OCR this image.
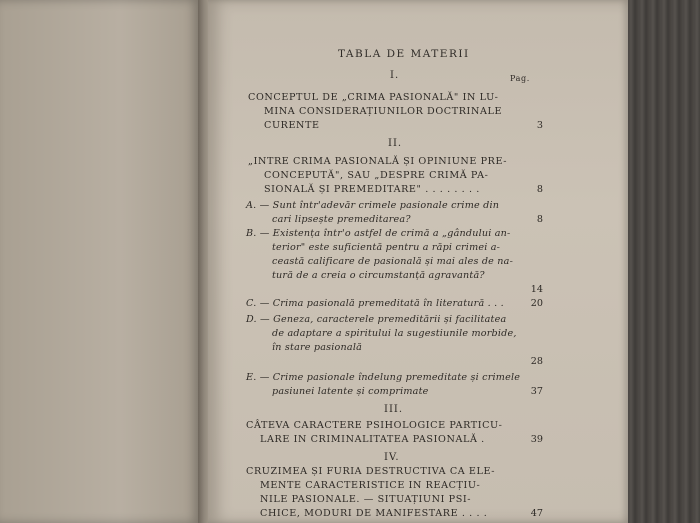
TABLA DE MATERII
I.	Pag.
CONCEPTUL DE „CRIMA PASIONALĂ" IN LU-
MINA CONSIDERAȚIUNILOR DOCTRINALE
CURENTE	3
II.
„INTRE CRIMA PASIONALĂ ȘI OPINIUNE PRE-
CONCEPUTĂ", SAU „DESPRE CRIMĂ PA-
SIONALĂ ȘI PREMEDITARE" . . . . . . . .	8
A. — Sunt într'adevăr crimele pasionale crime din
cari lipsește premeditarea?	8
B. — Existența într'o astfel de crimă a „gândului an-
terior" este suficientă pentru a răpi crimei a-
ceastă calificare de pasională și mai ales de na-
tură de a creia o circumstanță agravantă?
14
C. — Crima pasională premeditată în literatură . . .	20
D. — Geneza, caracterele premeditării și facilitatea
de adaptare a spiritului la sugestiunile morbide,
în stare pasională
28
E. — Crime pasionale îndelung premeditate și crimele
pasiunei latente și comprimate	37
III.
CÂTEVA CARACTERE PSIHOLOGICE PARTICU-
LARE IN CRIMINALITATEA PASIONALĂ .	39
IV.
CRUZIMEA ȘI FURIA DESTRUCTIVA CA ELE-
MENTE CARACTERISTICE IN REACȚIU-
NILE PASIONALE. — SITUAȚIUNI PSI-
CHICE, MODURI DE MANIFESTARE . . . .	47
